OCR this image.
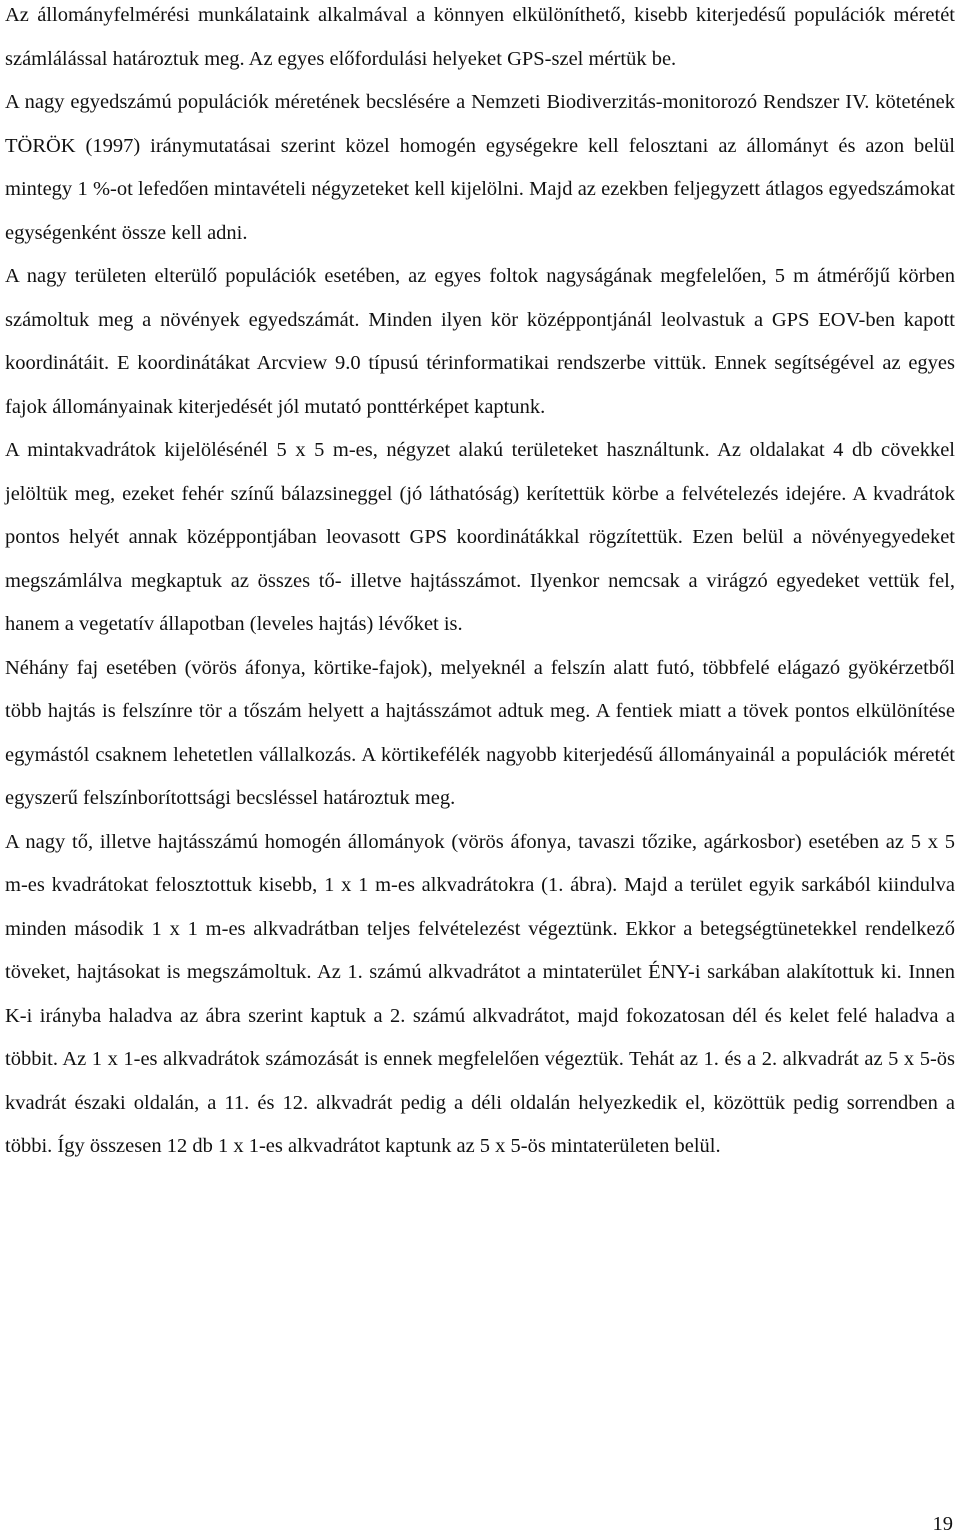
Az állományfelmérési munkálataink alkalmával a könnyen elkülöníthető, kisebb kiterjedésű populációk méretét számlálással határoztuk meg. Az egyes előfordulási helyeket GPS-szel mértük be.

A nagy egyedszámú populációk méretének becslésére a Nemzeti Biodiverzitás-monitorozó Rendszer IV. kötetének TÖRÖK (1997) iránymutatásai szerint közel homogén egységekre kell felosztani az állományt és azon belül mintegy 1 %-ot lefedően mintavételi négyzeteket kell kijelölni. Majd az ezekben feljegyzett átlagos egyedszámokat egységenként össze kell adni.

A nagy területen elterülő populációk esetében, az egyes foltok nagyságának megfelelően, 5 m átmérőjű körben számoltuk meg a növények egyedszámát. Minden ilyen kör középpontjánál leolvastuk a GPS EOV-ben kapott koordinátáit. E koordinátákat Arcview 9.0 típusú térinformatikai rendszerbe vittük. Ennek segítségével az egyes fajok állományainak kiterjedését jól mutató ponttérképet kaptunk.

A mintakvadrátok kijelölésénél 5 x 5 m-es, négyzet alakú területeket használtunk. Az oldalakat 4 db cövekkel jelöltük meg, ezeket fehér színű bálazsineggel (jó láthatóság) kerítettük körbe a felvételezés idejére. A kvadrátok pontos helyét annak középpontjában leovasott GPS koordinátákkal rögzítettük. Ezen belül a növényegyedeket megszámlálva megkaptuk az összes tő- illetve hajtásszámot. Ilyenkor nemcsak a virágzó egyedeket vettük fel, hanem a vegetatív állapotban (leveles hajtás) lévőket is.

Néhány faj esetében (vörös áfonya, körtike-fajok), melyeknél a felszín alatt futó, többfelé elágazó gyökérzetből több hajtás is felszínre tör a tőszám helyett a hajtásszámot adtuk meg. A fentiek miatt a tövek pontos elkülönítése egymástól csaknem lehetetlen vállalkozás. A körtikefélék nagyobb kiterjedésű állományainál a populációk méretét egyszerű felszínborítottsági becsléssel határoztuk meg.

A nagy tő, illetve hajtásszámú homogén állományok (vörös áfonya, tavaszi tőzike, agárkosbor) esetében az 5 x 5 m-es kvadrátokat felosztottuk kisebb, 1 x 1 m-es alkvadrátokra (1. ábra). Majd a terület egyik sarkából kiindulva minden második 1 x 1 m-es alkvadrátban teljes felvételezést végeztünk. Ekkor a betegségtünetekkel rendelkező töveket, hajtásokat is megszámoltuk. Az 1. számú alkvadrátot a mintaterület ÉNY-i sarkában alakítottuk ki. Innen K-i irányba haladva az ábra szerint kaptuk a 2. számú alkvadrátot, majd fokozatosan dél és kelet felé haladva a többit. Az 1 x 1-es alkvadrátok számozását is ennek megfelelően végeztük. Tehát az 1. és a 2. alkvadrát az 5 x 5-ös kvadrát északi oldalán, a 11. és 12. alkvadrát pedig a déli oldalán helyezkedik el, közöttük pedig sorrendben a többi. Így összesen 12 db 1 x 1-es alkvadrátot kaptunk az 5 x 5-ös mintaterületen belül.

19
